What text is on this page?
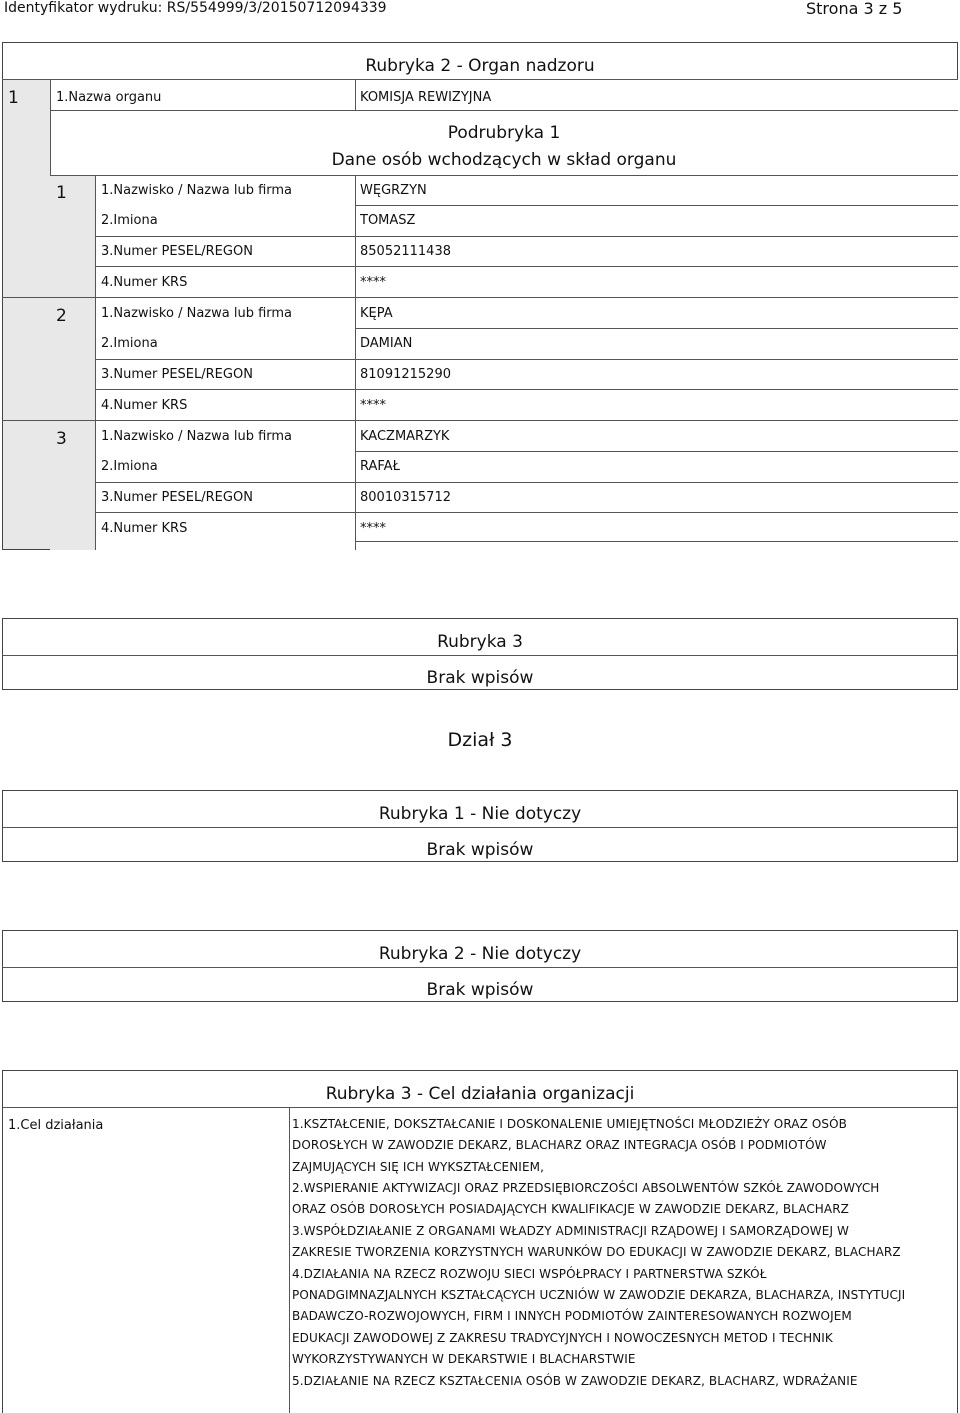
Identyfikator wydruku: RS/554999/3/20150712094339	Strona 3 z 5
Rubryka 2 - Organ nadzoru
1	1.Nazwa organu	KOMISJA REWIZYJNA
Podrubryka 1
Dane osób wchodzących w skład organu
1	1.Nazwisko / Nazwa lub firma	WĘGRZYN
2.Imiona	TOMASZ
3.Numer PESEL/REGON	85052111438
4.Numer KRS	****
2	1.Nazwisko / Nazwa lub firma	KĘPA
2.Imiona	DAMIAN
3.Numer PESEL/REGON	81091215290
4.Numer KRS	****
3	1.Nazwisko / Nazwa lub firma	KACZMARZYK
2.Imiona	RAFAŁ
3.Numer PESEL/REGON	80010315712
4.Numer KRS	****
Rubryka 3
Brak wpisów
Dział 3
Rubryka 1 - Nie dotyczy
Brak wpisów
Rubryka 2 - Nie dotyczy
Brak wpisów
Rubryka 3 - Cel działania organizacji
1.Cel działania	1.KSZTAŁCENIE, DOKSZTAŁCANIE I DOSKONALENIE UMIEJĘTNOŚCI MŁODZIEŻY ORAZ OSÓB
DOROSŁYCH W ZAWODZIE DEKARZ, BLACHARZ ORAZ INTEGRACJA OSÓB I PODMIOTÓW
ZAJMUJĄCYCH SIĘ ICH WYKSZTAŁCENIEM,
2.WSPIERANIE AKTYWIZACJI ORAZ PRZEDSIĘBIORCZOŚCI ABSOLWENTÓW SZKÓŁ ZAWODOWYCH
ORAZ OSÓB DOROSŁYCH POSIADAJĄCYCH KWALIFIKACJE W ZAWODZIE DEKARZ, BLACHARZ
3.WSPÓŁDZIAŁANIE Z ORGANAMI WŁADZY ADMINISTRACJI RZĄDOWEJ I SAMORZĄDOWEJ W
ZAKRESIE TWORZENIA KORZYSTNYCH WARUNKÓW DO EDUKACJI W ZAWODZIE DEKARZ, BLACHARZ
4.DZIAŁANIA NA RZECZ ROZWOJU SIECI WSPÓŁPRACY I PARTNERSTWA SZKÓŁ
PONADGIMNAZJALNYCH KSZTAŁCĄCYCH UCZNIÓW W ZAWODZIE DEKARZA, BLACHARZA, INSTYTUCJI
BADAWCZO-ROZWOJOWYCH, FIRM I INNYCH PODMIOTÓW ZAINTERESOWANYCH ROZWOJEM
EDUKACJI ZAWODOWEJ Z ZAKRESU TRADYCYJNYCH I NOWOCZESNYCH METOD I TECHNIK
WYKORZYSTYWANYCH W DEKARSTWIE I BLACHARSTWIE
5.DZIAŁANIE NA RZECZ KSZTAŁCENIA OSÓB W ZAWODZIE DEKARZ, BLACHARZ, WDRAŻANIE
